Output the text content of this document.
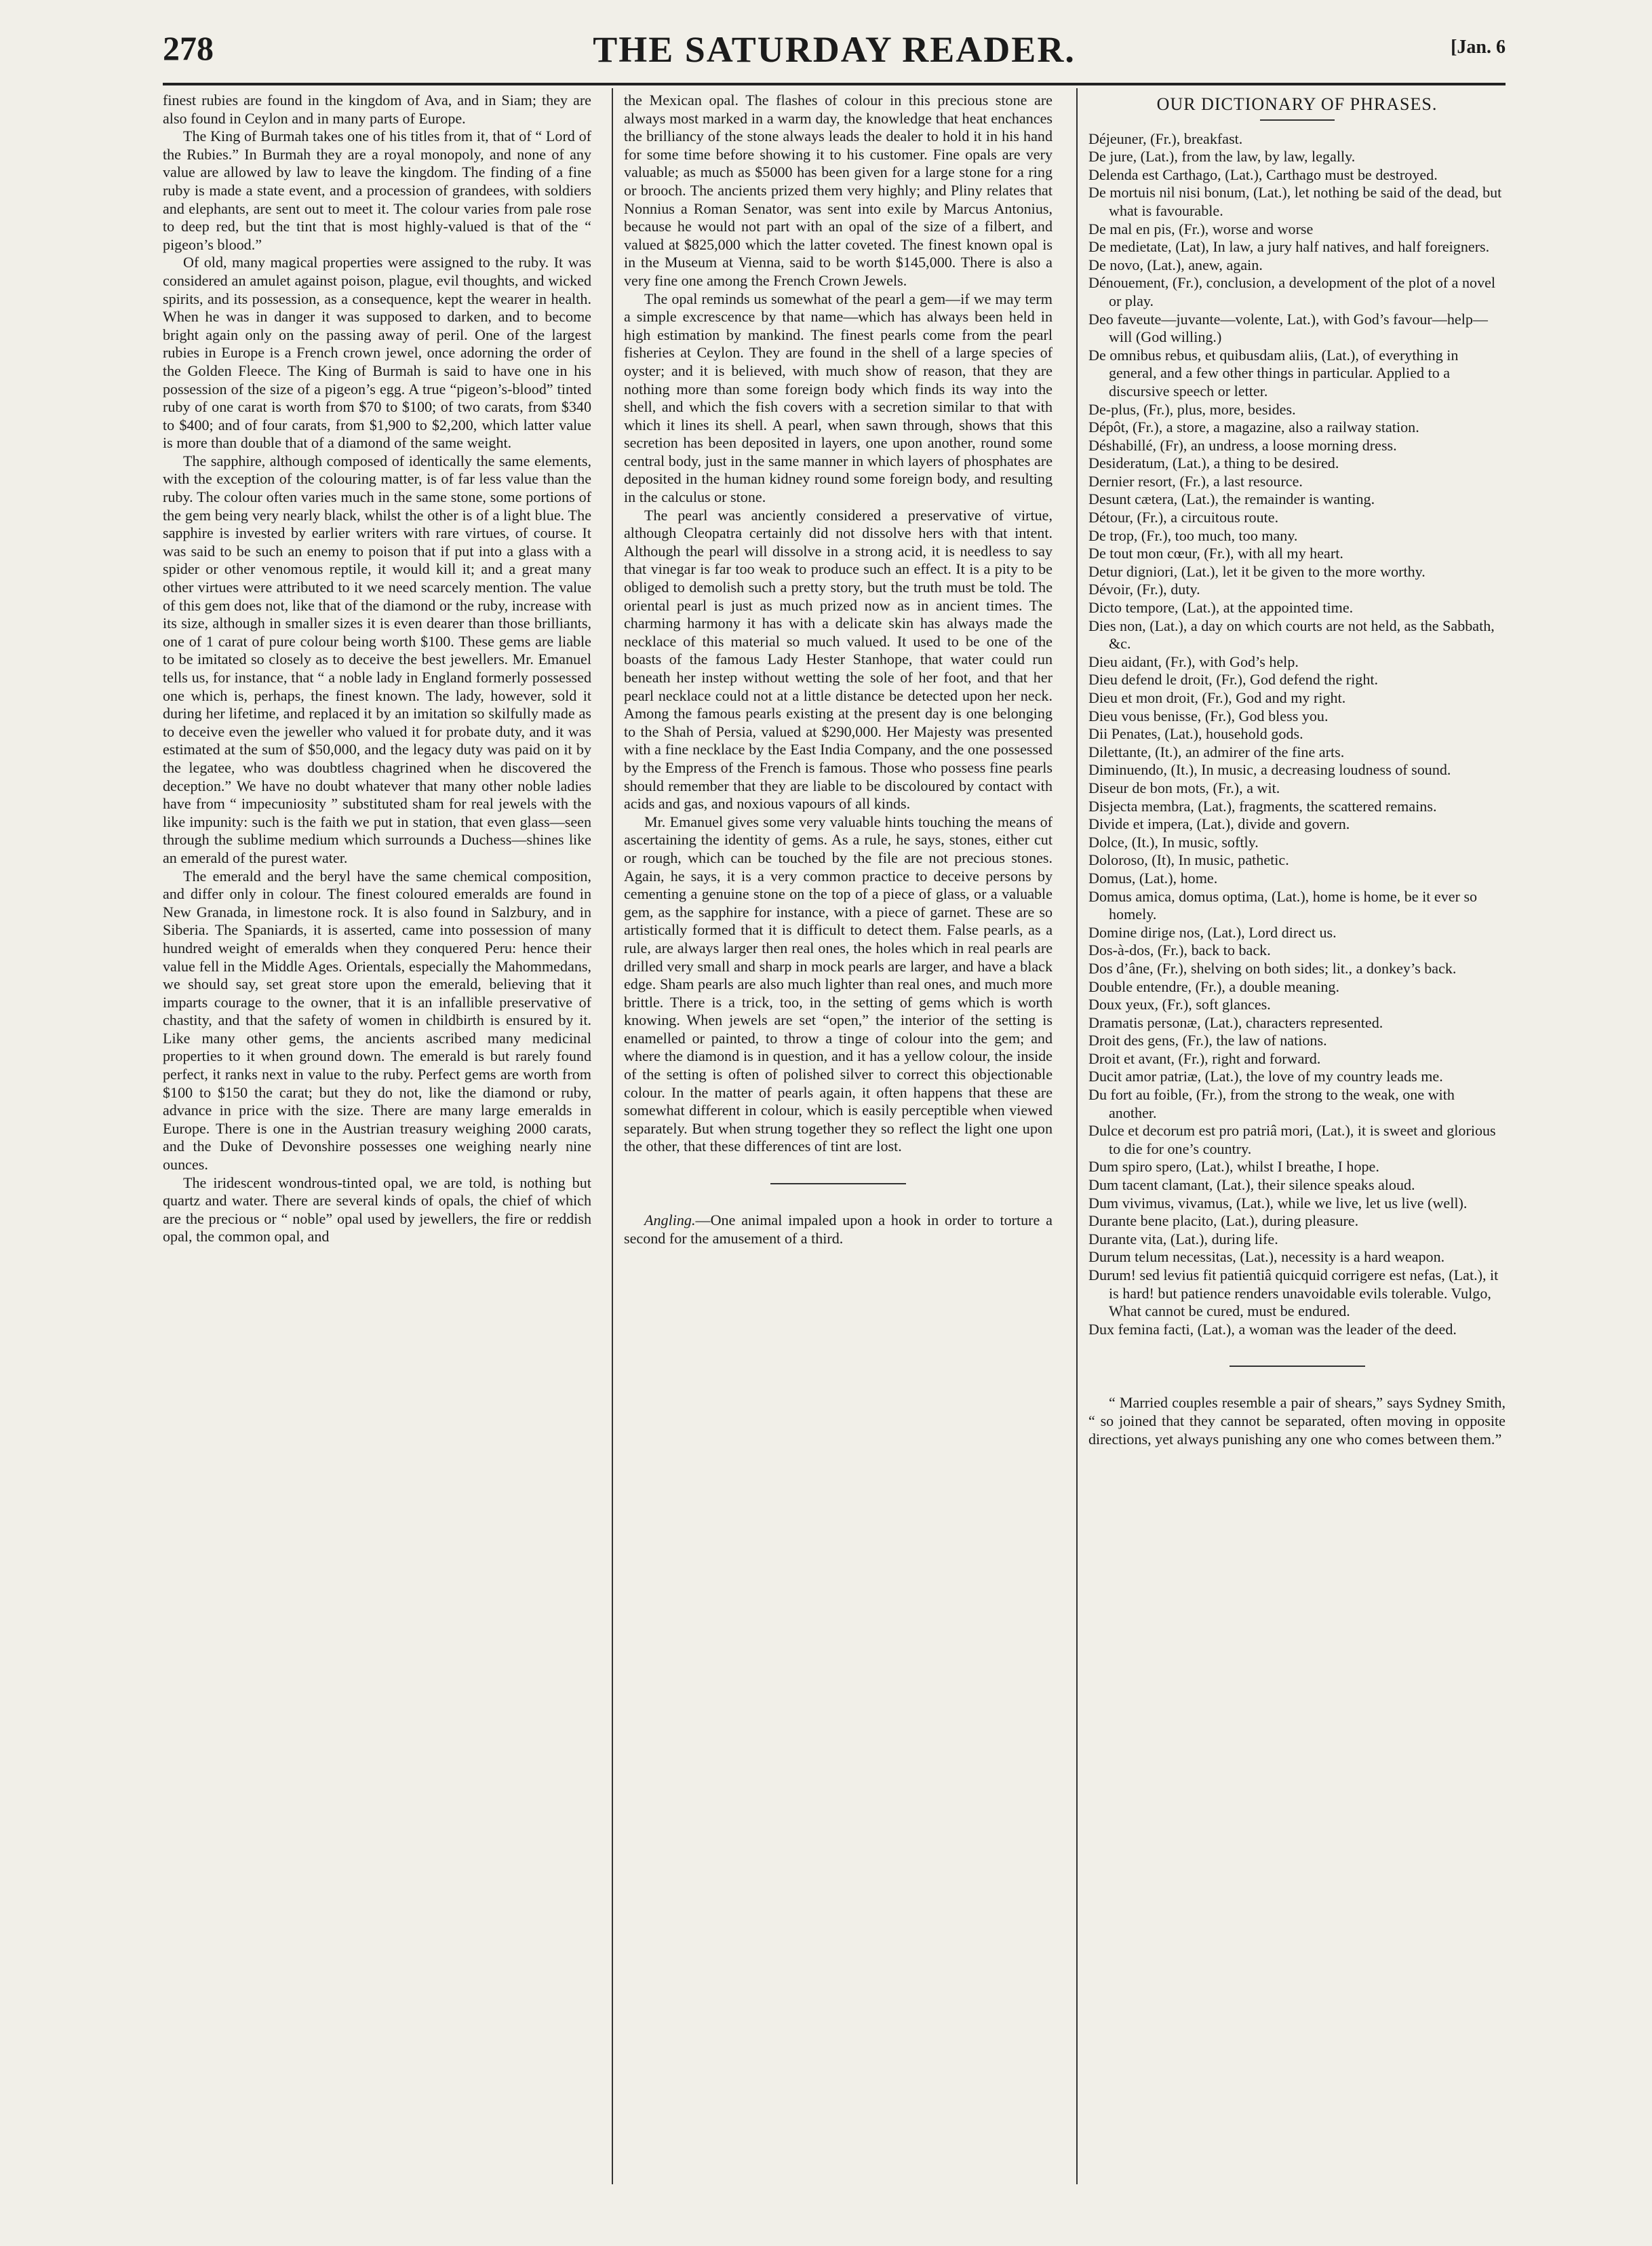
278	THE SATURDAY READER.	[Jan. 6

finest rubies are found in the kingdom of Ava, and in Siam; they are also found in Ceylon and in many parts of Europe.

The King of Burmah takes one of his titles from it, that of “ Lord of the Rubies.” In Burmah they are a royal monopoly, and none of any value are allowed by law to leave the kingdom. The finding of a fine ruby is made a state event, and a procession of grandees, with soldiers and elephants, are sent out to meet it. The colour varies from pale rose to deep red, but the tint that is most highly-valued is that of the “ pigeon’s blood.”

Of old, many magical properties were assigned to the ruby. It was considered an amulet against poison, plague, evil thoughts, and wicked spirits, and its possession, as a consequence, kept the wearer in health. When he was in danger it was supposed to darken, and to become bright again only on the passing away of peril. One of the largest rubies in Europe is a French crown jewel, once adorning the order of the Golden Fleece. The King of Burmah is said to have one in his possession of the size of a pigeon’s egg. A true “pigeon’s-blood” tinted ruby of one carat is worth from $70 to $100; of two carats, from $340 to $400; and of four carats, from $1,900 to $2,200, which latter value is more than double that of a diamond of the same weight.

The sapphire, although composed of identically the same elements, with the exception of the colouring matter, is of far less value than the ruby. The colour often varies much in the same stone, some portions of the gem being very nearly black, whilst the other is of a light blue. The sapphire is invested by earlier writers with rare virtues, of course. It was said to be such an enemy to poison that if put into a glass with a spider or other venomous reptile, it would kill it; and a great many other virtues were attributed to it we need scarcely mention. The value of this gem does not, like that of the diamond or the ruby, increase with its size, although in smaller sizes it is even dearer than those brilliants, one of 1 carat of pure colour being worth $100. These gems are liable to be imitated so closely as to deceive the best jewellers. Mr. Emanuel tells us, for instance, that “ a noble lady in England formerly possessed one which is, perhaps, the finest known. The lady, however, sold it during her lifetime, and replaced it by an imitation so skilfully made as to deceive even the jeweller who valued it for probate duty, and it was estimated at the sum of $50,000, and the legacy duty was paid on it by the legatee, who was doubtless chagrined when he discovered the deception.” We have no doubt whatever that many other noble ladies have from “ impecuniosity ” substituted sham for real jewels with the like impunity: such is the faith we put in station, that even glass—seen through the sublime medium which surrounds a Duchess—shines like an emerald of the purest water.

The emerald and the beryl have the same chemical composition, and differ only in colour. The finest coloured emeralds are found in New Granada, in limestone rock. It is also found in Salzbury, and in Siberia. The Spaniards, it is asserted, came into possession of many hundred weight of emeralds when they conquered Peru: hence their value fell in the Middle Ages. Orientals, especially the Mahommedans, we should say, set great store upon the emerald, believing that it imparts courage to the owner, that it is an infallible preservative of chastity, and that the safety of women in childbirth is ensured by it. Like many other gems, the ancients ascribed many medicinal properties to it when ground down. The emerald is but rarely found perfect, it ranks next in value to the ruby. Perfect gems are worth from $100 to $150 the carat; but they do not, like the diamond or ruby, advance in price with the size. There are many large emeralds in Europe. There is one in the Austrian treasury weighing 2000 carats, and the Duke of Devonshire possesses one weighing nearly nine ounces.

The iridescent wondrous-tinted opal, we are told, is nothing but quartz and water. There are several kinds of opals, the chief of which are the precious or “ noble” opal used by jewellers, the fire or reddish opal, the common opal, and

the Mexican opal. The flashes of colour in this precious stone are always most marked in a warm day, the knowledge that heat enchances the brilliancy of the stone always leads the dealer to hold it in his hand for some time before showing it to his customer. Fine opals are very valuable; as much as $5000 has been given for a large stone for a ring or brooch. The ancients prized them very highly; and Pliny relates that Nonnius a Roman Senator, was sent into exile by Marcus Antonius, because he would not part with an opal of the size of a filbert, and valued at $825,000 which the latter coveted. The finest known opal is in the Museum at Vienna, said to be worth $145,000. There is also a very fine one among the French Crown Jewels.

The opal reminds us somewhat of the pearl a gem—if we may term a simple excrescence by that name—which has always been held in high estimation by mankind. The finest pearls come from the pearl fisheries at Ceylon. They are found in the shell of a large species of oyster; and it is believed, with much show of reason, that they are nothing more than some foreign body which finds its way into the shell, and which the fish covers with a secretion similar to that with which it lines its shell. A pearl, when sawn through, shows that this secretion has been deposited in layers, one upon another, round some central body, just in the same manner in which layers of phosphates are deposited in the human kidney round some foreign body, and resulting in the calculus or stone.

The pearl was anciently considered a preservative of virtue, although Cleopatra certainly did not dissolve hers with that intent. Although the pearl will dissolve in a strong acid, it is needless to say that vinegar is far too weak to produce such an effect. It is a pity to be obliged to demolish such a pretty story, but the truth must be told. The oriental pearl is just as much prized now as in ancient times. The charming harmony it has with a delicate skin has always made the necklace of this material so much valued. It used to be one of the boasts of the famous Lady Hester Stanhope, that water could run beneath her instep without wetting the sole of her foot, and that her pearl necklace could not at a little distance be detected upon her neck. Among the famous pearls existing at the present day is one belonging to the Shah of Persia, valued at $290,000. Her Majesty was presented with a fine necklace by the East India Company, and the one possessed by the Empress of the French is famous. Those who possess fine pearls should remember that they are liable to be discoloured by contact with acids and gas, and noxious vapours of all kinds.

Mr. Emanuel gives some very valuable hints touching the means of ascertaining the identity of gems. As a rule, he says, stones, either cut or rough, which can be touched by the file are not precious stones. Again, he says, it is a very common practice to deceive persons by cementing a genuine stone on the top of a piece of glass, or a valuable gem, as the sapphire for instance, with a piece of garnet. These are so artistically formed that it is difficult to detect them. False pearls, as a rule, are always larger then real ones, the holes which in real pearls are drilled very small and sharp in mock pearls are larger, and have a black edge. Sham pearls are also much lighter than real ones, and much more brittle. There is a trick, too, in the setting of gems which is worth knowing. When jewels are set “open,” the interior of the setting is enamelled or painted, to throw a tinge of colour into the gem; and where the diamond is in question, and it has a yellow colour, the inside of the setting is often of polished silver to correct this objectionable colour. In the matter of pearls again, it often happens that these are somewhat different in colour, which is easily perceptible when viewed separately. But when strung together they so reflect the light one upon the other, that these differences of tint are lost.

Angling.—One animal impaled upon a hook in order to torture a second for the amusement of a third.

OUR DICTIONARY OF PHRASES.
Déjeuner, (Fr.), breakfast.
De jure, (Lat.), from the law, by law, legally.
Delenda est Carthago, (Lat.), Carthago must be destroyed.
De mortuis nil nisi bonum, (Lat.), let nothing be said of the dead, but what is favourable.
De mal en pis, (Fr.), worse and worse
De medietate, (Lat), In law, a jury half natives, and half foreigners.
De novo, (Lat.), anew, again.
Dénouement, (Fr.), conclusion, a development of the plot of a novel or play.
Deo faveute—juvante—volente, Lat.), with God’s favour—help—will (God willing.)
De omnibus rebus, et quibusdam aliis, (Lat.), of everything in general, and a few other things in particular. Applied to a discursive speech or letter.
De-plus, (Fr.), plus, more, besides.
Dépôt, (Fr.), a store, a magazine, also a railway station.
Déshabillé, (Fr), an undress, a loose morning dress.
Desideratum, (Lat.), a thing to be desired.
Dernier resort, (Fr.), a last resource.
Desunt cætera, (Lat.), the remainder is wanting.
Détour, (Fr.), a circuitous route.
De trop, (Fr.), too much, too many.
De tout mon cœur, (Fr.), with all my heart.
Detur digniori, (Lat.), let it be given to the more worthy.
Dévoir, (Fr.), duty.
Dicto tempore, (Lat.), at the appointed time.
Dies non, (Lat.), a day on which courts are not held, as the Sabbath, &c.
Dieu aidant, (Fr.), with God’s help.
Dieu defend le droit, (Fr.), God defend the right.
Dieu et mon droit, (Fr.), God and my right.
Dieu vous benisse, (Fr.), God bless you.
Dii Penates, (Lat.), household gods.
Dilettante, (It.), an admirer of the fine arts.
Diminuendo, (It.), In music, a decreasing loudness of sound.
Diseur de bon mots, (Fr.), a wit.
Disjecta membra, (Lat.), fragments, the scattered remains.
Divide et impera, (Lat.), divide and govern.
Dolce, (It.), In music, softly.
Doloroso, (It), In music, pathetic.
Domus, (Lat.), home.
Domus amica, domus optima, (Lat.), home is home, be it ever so homely.
Domine dirige nos, (Lat.), Lord direct us.
Dos-à-dos, (Fr.), back to back.
Dos d’âne, (Fr.), shelving on both sides; lit., a donkey’s back.
Double entendre, (Fr.), a double meaning.
Doux yeux, (Fr.), soft glances.
Dramatis personæ, (Lat.), characters represented.
Droit des gens, (Fr.), the law of nations.
Droit et avant, (Fr.), right and forward.
Ducit amor patriæ, (Lat.), the love of my country leads me.
Du fort au foible, (Fr.), from the strong to the weak, one with another.
Dulce et decorum est pro patriâ mori, (Lat.), it is sweet and glorious to die for one’s country.
Dum spiro spero, (Lat.), whilst I breathe, I hope.
Dum tacent clamant, (Lat.), their silence speaks aloud.
Dum vivimus, vivamus, (Lat.), while we live, let us live (well).
Durante bene placito, (Lat.), during pleasure.
Durante vita, (Lat.), during life.
Durum telum necessitas, (Lat.), necessity is a hard weapon.
Durum! sed levius fit patientiâ quicquid corrigere est nefas, (Lat.), it is hard! but patience renders unavoidable evils tolerable. Vulgo, What cannot be cured, must be endured.
Dux femina facti, (Lat.), a woman was the leader of the deed.

“ Married couples resemble a pair of shears,” says Sydney Smith, “ so joined that they cannot be separated, often moving in opposite directions, yet always punishing any one who comes between them.”
